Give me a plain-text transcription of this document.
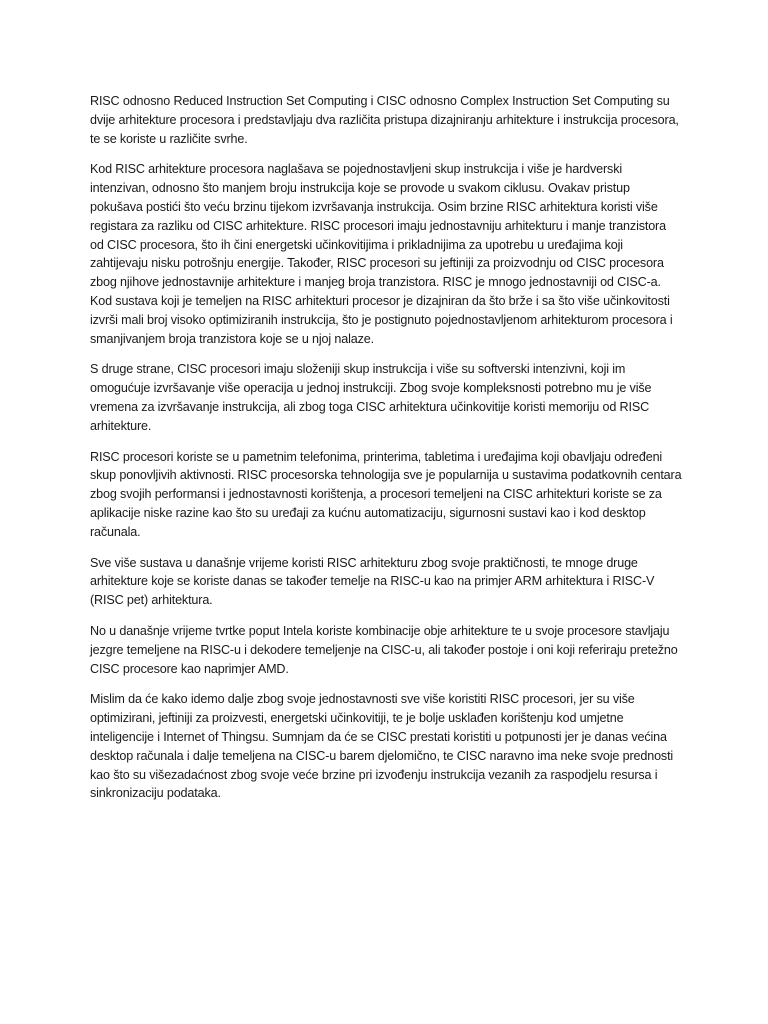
RISC odnosno Reduced Instruction Set Computing i CISC odnosno Complex Instruction Set Computing su dvije arhitekture procesora i predstavljaju dva različita pristupa dizajniranju arhitekture i instrukcija procesora, te se koriste u različite svrhe.

Kod RISC arhitekture procesora naglašava se pojednostavljeni skup instrukcija i više je hardverski intenzivan, odnosno što manjem broju instrukcija koje se provode u svakom ciklusu. Ovakav pristup pokušava postići što veću brzinu tijekom izvršavanja instrukcija. Osim brzine RISC arhitektura koristi više registara za razliku od CISC arhitekture. RISC procesori imaju jednostavniju arhitekturu i manje tranzistora od CISC procesora, što ih čini energetski učinkovitijima i prikladnijima za upotrebu u uređajima koji zahtijevaju nisku potrošnju energije. Također, RISC procesori su jeftiniji za proizvodnju od CISC procesora zbog njihove jednostavnije arhitekture i manjeg broja tranzistora. RISC je mnogo jednostavniji od CISC-a. Kod sustava koji je temeljen na RISC arhitekturi procesor je dizajniran da što brže i sa što više učinkovitosti izvrši mali broj visoko optimiziranih instrukcija, što je postignuto pojednostavljenom arhitekturom procesora i smanjivanjem broja tranzistora koje se u njoj nalaze.

S druge strane, CISC procesori imaju složeniji skup instrukcija i više su softverski intenzivni, koji im omogućuje izvršavanje više operacija u jednoj instrukciji. Zbog svoje kompleksnosti potrebno mu je više vremena za izvršavanje instrukcija, ali zbog toga CISC arhitektura učinkovitije koristi memoriju od RISC arhitekture.

RISC procesori koriste se u pametnim telefonima, printerima, tabletima i uređajima koji obavljaju određeni skup ponovljivih aktivnosti. RISC procesorska tehnologija sve je popularnija u sustavima podatkovnih centara zbog svojih performansi i jednostavnosti korištenja, a procesori temeljeni na CISC arhitekturi koriste se za aplikacije niske razine kao što su uređaji za kućnu automatizaciju, sigurnosni sustavi kao i kod desktop računala.

Sve više sustava u današnje vrijeme koristi RISC arhitekturu zbog svoje praktičnosti, te mnoge druge arhitekture koje se koriste danas se također temelje na RISC-u kao na primjer ARM arhitektura i RISC-V (RISC pet) arhitektura.

No u današnje vrijeme tvrtke poput Intela koriste kombinacije obje arhitekture te u svoje procesore stavljaju jezgre temeljene na RISC-u i dekodere temeljenje na CISC-u, ali također postoje i oni koji referiraju pretežno CISC procesore kao naprimjer AMD.

Mislim da će kako idemo dalje zbog svoje jednostavnosti sve više koristiti RISC procesori, jer su više optimizirani, jeftiniji za proizvesti, energetski učinkovitiji, te je bolje usklađen korištenju kod umjetne inteligencije i Internet of Thingsu. Sumnjam da će se CISC prestati koristiti u potpunosti jer je danas većina desktop računala i dalje temeljena na CISC-u barem djelomično, te CISC naravno ima neke svoje prednosti kao što su višezadaćnost zbog svoje veće brzine pri izvođenju instrukcija vezanih za raspodjelu resursa i sinkronizaciju podataka.
